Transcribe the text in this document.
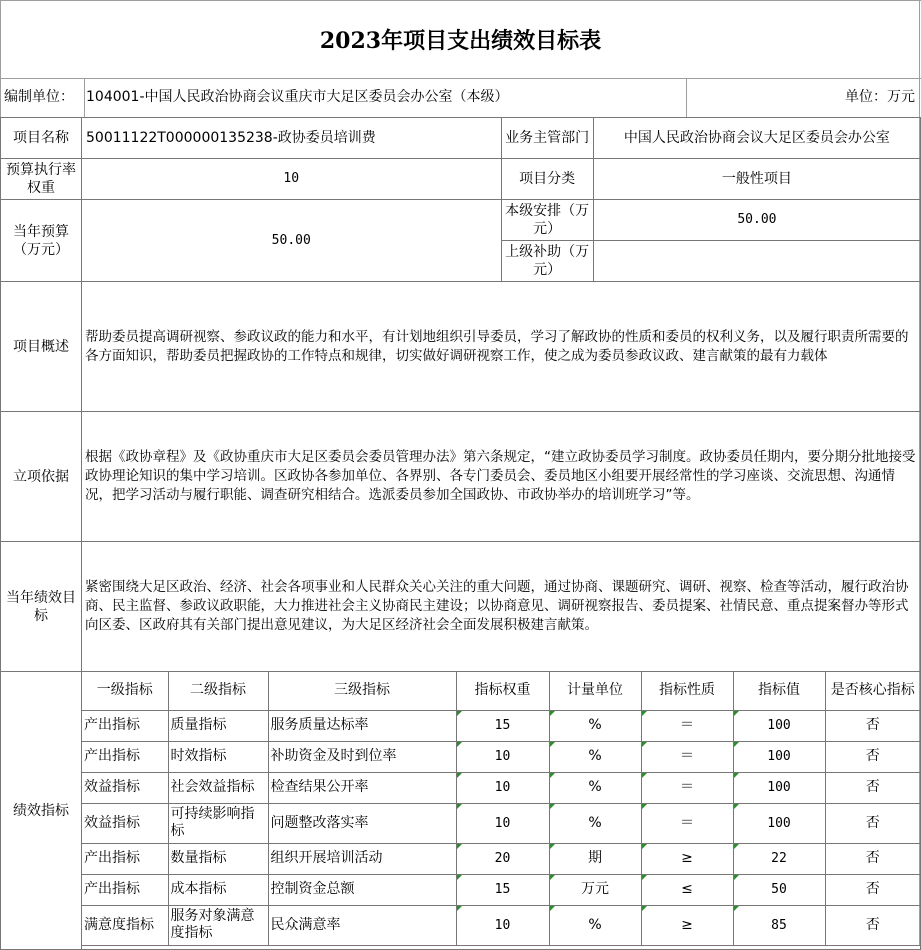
2023年项目支出绩效目标表
编制单位： 104001-中国人民政治协商会议重庆市大足区委员会办公室（本级）	单位：万元
项目名称	50011122T000000135238-政协委员培训费	业务主管部门	中国人民政治协商会议大足区委员会办公室
预算执行率权重	10	项目分类	一般性项目
当年预算（万元）	50.00	本级安排（万元）	50.00
上级补助（万元）	
项目概述	帮助委员提高调研视察、参政议政的能力和水平，有计划地组织引导委员，学习了解政协的性质和委员的权利义务，以及履行职责所需要的各方面知识，帮助委员把握政协的工作特点和规律，切实做好调研视察工作，使之成为委员参政议政、建言献策的最有力载体
立项依据	根据《政协章程》及《政协重庆市大足区委员会委员管理办法》第六条规定，“建立政协委员学习制度。政协委员任期内，要分期分批地接受政协理论知识的集中学习培训。区政协各参加单位、各界别、各专门委员会、委员地区小组要开展经常性的学习座谈、交流思想、沟通情况，把学习活动与履行职能、调查研究相结合。选派委员参加全国政协、市政协举办的培训班学习”等。
当年绩效目标	紧密围绕大足区政治、经济、社会各项事业和人民群众关心关注的重大问题，通过协商、课题研究、调研、视察、检查等活动，履行政治协商、民主监督、参政议政职能，大力推进社会主义协商民主建设；以协商意见、调研视察报告、委员提案、社情民意、重点提案督办等形式向区委、区政府其有关部门提出意见建议，为大足区经济社会全面发展积极建言献策。
绩效指标	
一级指标	二级指标	三级指标	指标权重	计量单位	指标性质	指标值	是否核心指标
产出指标	质量指标	服务质量达标率	15	%	＝	100	否
产出指标	时效指标	补助资金及时到位率	10	%	＝	100	否
效益指标	社会效益指标	检查结果公开率	10	%	＝	100	否
效益指标	可持续影响指标	问题整改落实率	10	%	＝	100	否
产出指标	数量指标	组织开展培训活动	20	期	≥	22	否
产出指标	成本指标	控制资金总额	15	万元	≤	50	否
满意度指标	服务对象满意度指标	民众满意率	10	%	≥	85	否
